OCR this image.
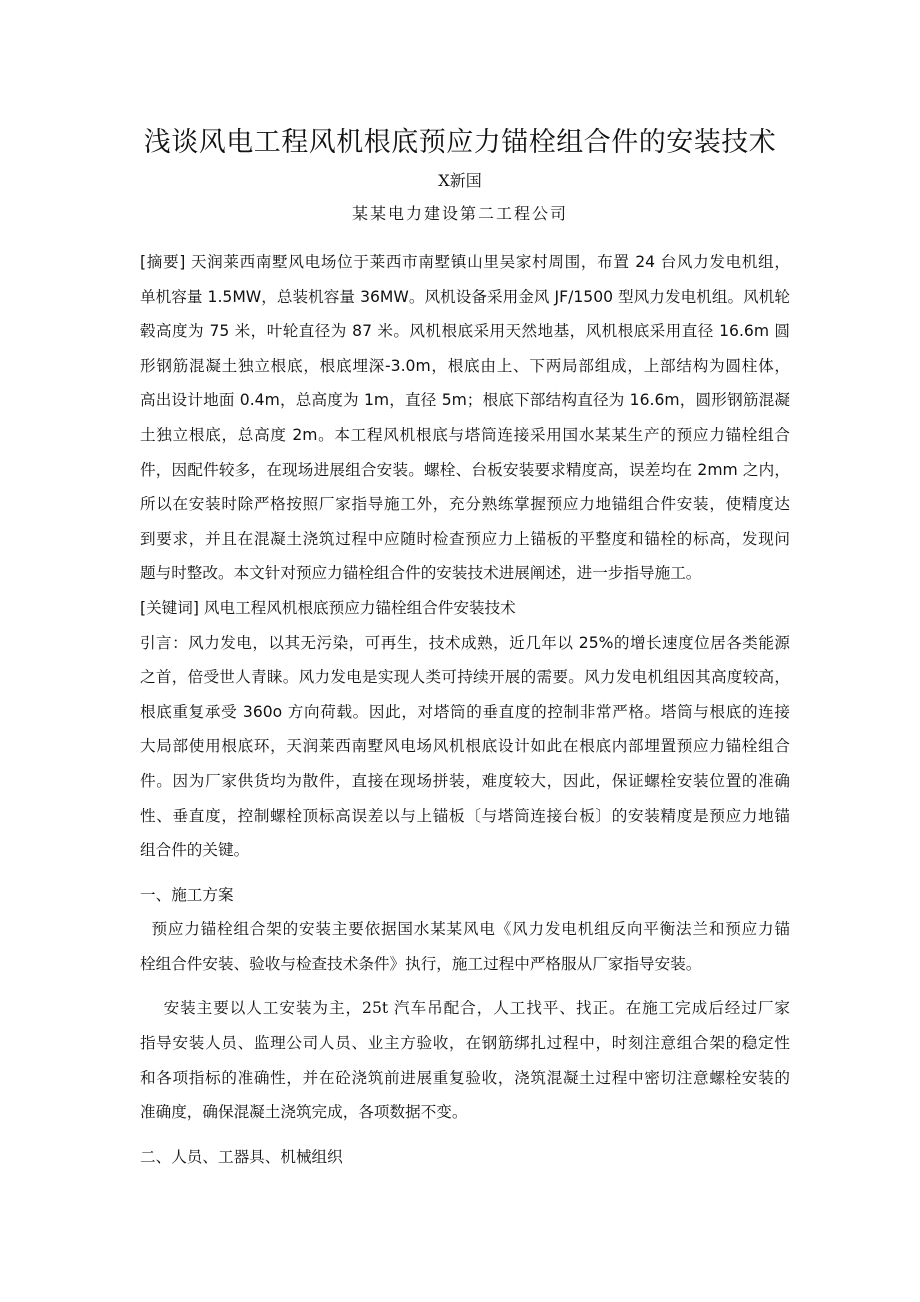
浅谈风电工程风机根底预应力锚栓组合件的安装技术
X新国
某某电力建设第二工程公司
[摘要] 天润莱西南墅风电场位于莱西市南墅镇山里吴家村周围，布置 24 台风力发电机组，
单机容量 1.5MW，总装机容量 36MW。风机设备采用金风 JF/1500 型风力发电机组。风机轮
毂高度为 75 米，叶轮直径为 87 米。风机根底采用天然地基，风机根底采用直径 16.6m 圆
形钢筋混凝土独立根底，根底埋深-3.0m，根底由上、下两局部组成，上部结构为圆柱体，
高出设计地面 0.4m，总高度为 1m，直径 5m；根底下部结构直径为 16.6m，圆形钢筋混凝
土独立根底，总高度 2m。本工程风机根底与塔筒连接采用国水某某生产的预应力锚栓组合
件，因配件较多，在现场进展组合安装。螺栓、台板安装要求精度高，误差均在 2mm 之内，
所以在安装时除严格按照厂家指导施工外，充分熟练掌握预应力地锚组合件安装，使精度达
到要求，并且在混凝土浇筑过程中应随时检查预应力上锚板的平整度和锚栓的标高，发现问
题与时整改。本文针对预应力锚栓组合件的安装技术进展阐述，进一步指导施工。
[关键词] 风电工程风机根底预应力锚栓组合件安装技术
引言：风力发电，以其无污染，可再生，技术成熟，近几年以 25%的增长速度位居各类能源
之首，倍受世人青睐。风力发电是实现人类可持续开展的需要。风力发电机组因其高度较高，
根底重复承受 360o 方向荷载。因此，对塔筒的垂直度的控制非常严格。塔筒与根底的连接
大局部使用根底环，天润莱西南墅风电场风机根底设计如此在根底内部埋置预应力锚栓组合
件。因为厂家供货均为散件，直接在现场拼装，难度较大，因此，保证螺栓安装位置的准确
性、垂直度，控制螺栓顶标高误差以与上锚板〔与塔筒连接台板〕的安装精度是预应力地锚
组合件的关键。
一、施工方案
预应力锚栓组合架的安装主要依据国水某某风电《风力发电机组反向平衡法兰和预应力锚
栓组合件安装、验收与检查技术条件》执行，施工过程中严格服从厂家指导安装。
安装主要以人工安装为主，25t 汽车吊配合，人工找平、找正。在施工完成后经过厂家
指导安装人员、监理公司人员、业主方验收，在钢筋绑扎过程中，时刻注意组合架的稳定性
和各项指标的准确性，并在砼浇筑前进展重复验收，浇筑混凝土过程中密切注意螺栓安装的
准确度，确保混凝土浇筑完成，各项数据不变。
二、人员、工器具、机械组织
